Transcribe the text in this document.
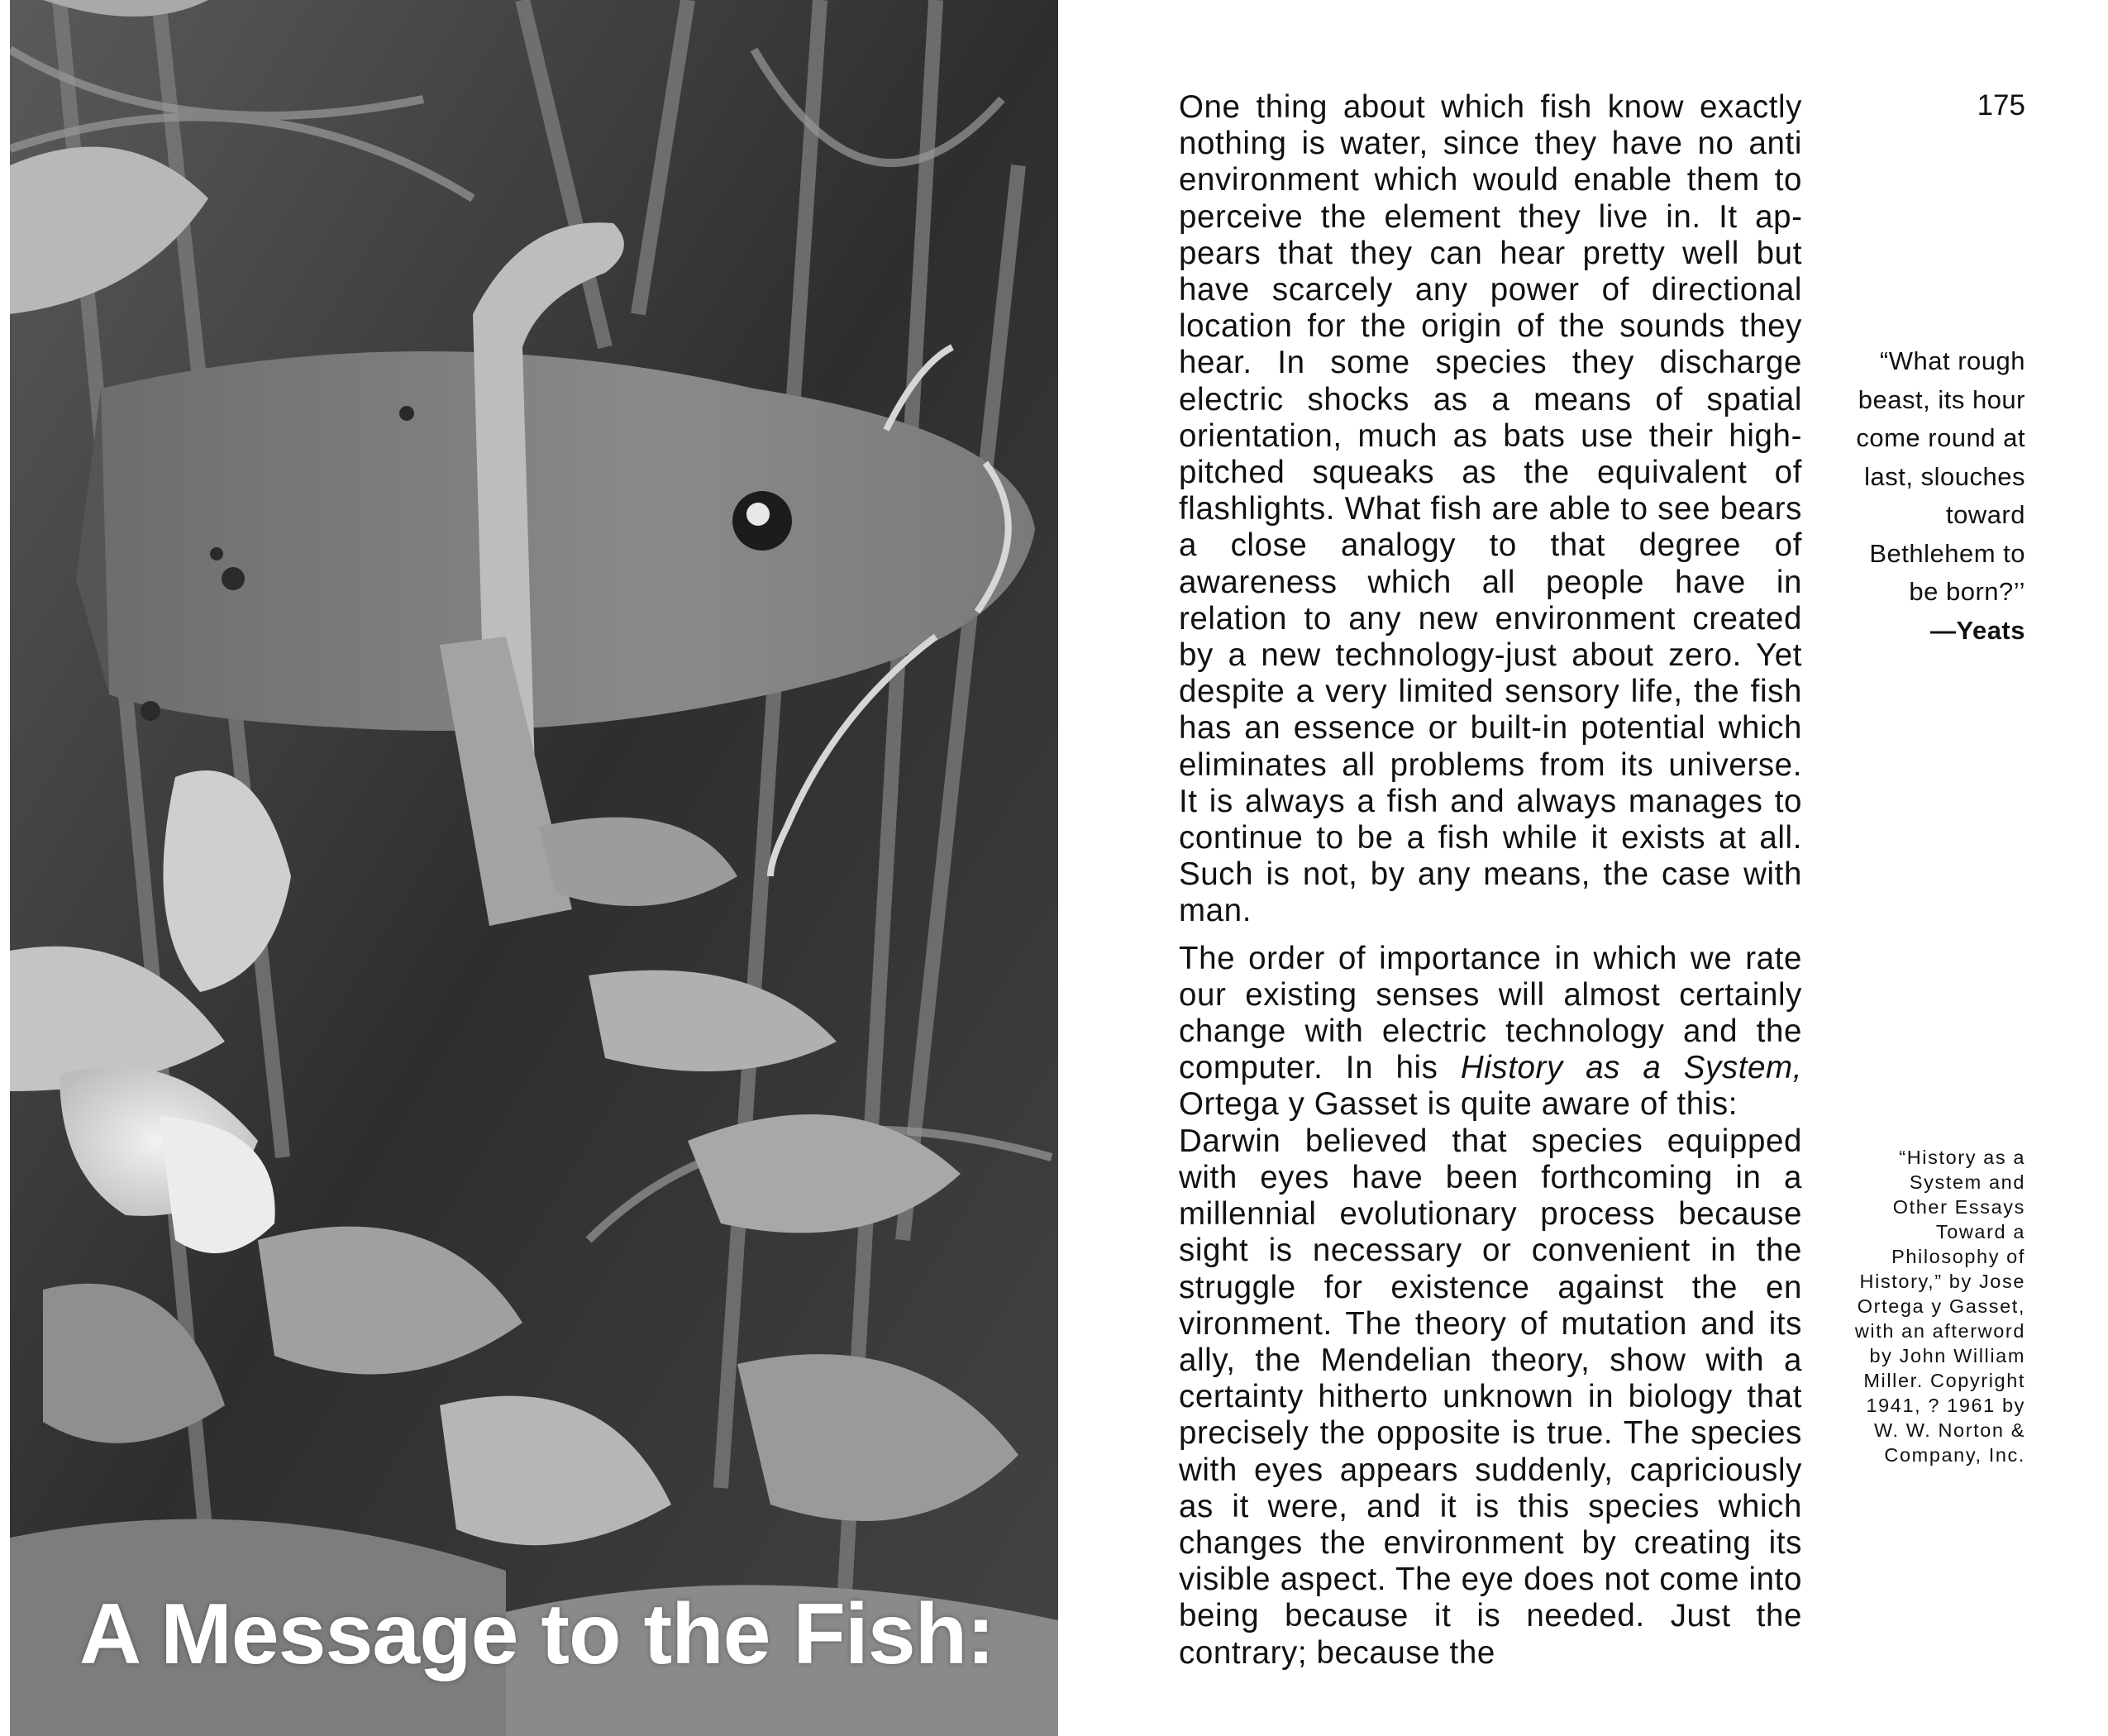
A Message to the Fish:
175

One thing about which fish know exactly nothing is water, since they have no anti environment which would enable them to perceive the element they live in. It appears that they can hear pretty well but have scarcely any power of directional location for the origin of the sounds they hear. In some species they discharge electric shocks as a means of spatial orientation, much as bats use their high-pitched squeaks as the equivalent of flashlights. What fish are able to see bears a close analogy to that degree of awareness which all people have in relation to any new environment created by a new technology-just about zero. Yet despite a very limited sensory life, the fish has an essence or built-in potential which eliminates all problems from its universe. It is always a fish and always manages to continue to be a fish while it exists at all. Such is not, by any means, the case with man.

The order of importance in which we rate our existing senses will almost certainly change with electric technology and the computer. In his History as a System, Ortega y Gasset is quite aware of this:

Darwin believed that species equipped with eyes have been forthcoming in a millennial evolutionary process because sight is necessary or convenient in the struggle for existence against the en vironment. The theory of mutation and its ally, the Mendelian theory, show with a certainty hitherto unknown in biology that precisely the opposite is true. The species with eyes appears suddenly, capriciously as it were, and it is this species which changes the environment by creating its visible aspect. The eye does not come into being because it is needed. Just the contrary; because the

“What rough beast, its hour come round at last, slouches toward Bethlehem to be born?’’
—Yeats
“History as a System and Other Essays Toward a Philosophy of History,” by Jose Ortega y Gasset, with an afterword by John William Miller. Copyright 1941, ? 1961 by W. W. Norton & Company, Inc.
